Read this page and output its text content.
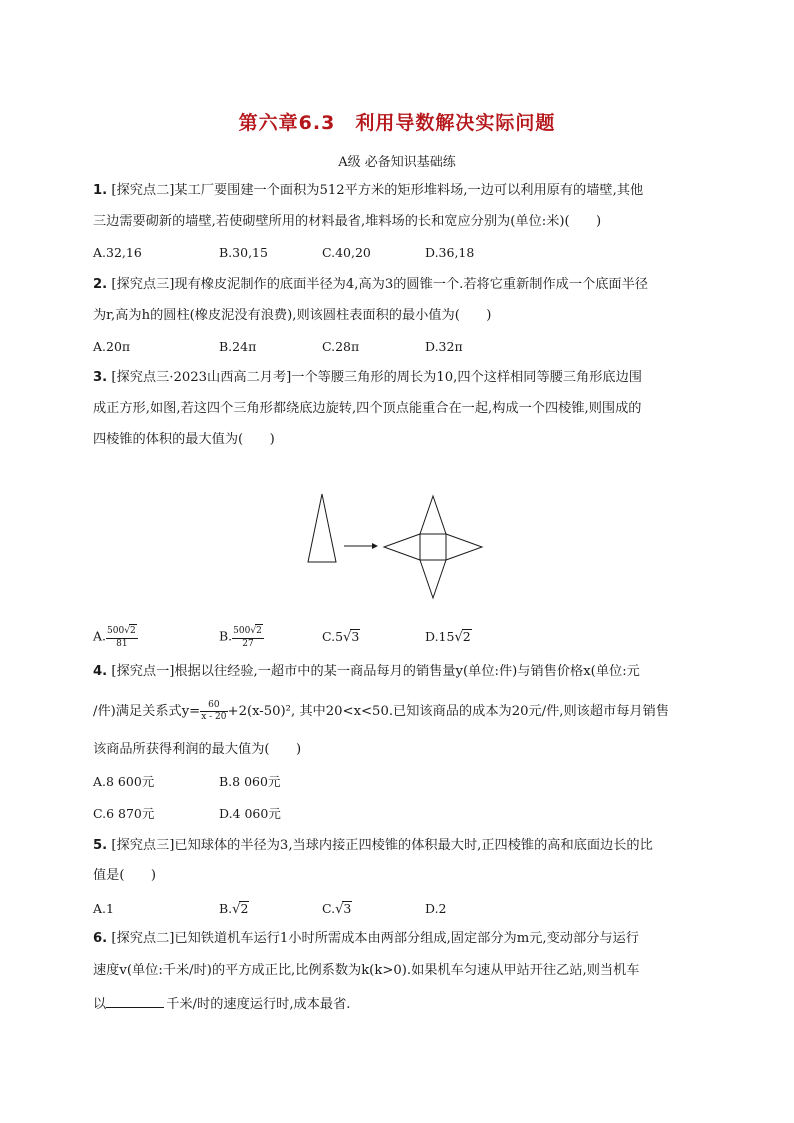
第六章6.3　利用导数解决实际问题
A级 必备知识基础练
1. [探究点二]某工厂要围建一个面积为512平方米的矩形堆料场,一边可以利用原有的墙壁,其他
三边需要砌新的墙壁,若使砌壁所用的材料最省,堆料场的长和宽应分别为(单位:米)(　　)
A.32,16	B.30,15	C.40,20	D.36,18
2. [探究点三]现有橡皮泥制作的底面半径为4,高为3的圆锥一个.若将它重新制作成一个底面半径
为r,高为h的圆柱(橡皮泥没有浪费),则该圆柱表面积的最小值为(　　)
A.20π	B.24π	C.28π	D.32π
3. [探究点三·2023山西高二月考]一个等腰三角形的周长为10,四个这样相同等腰三角形底边围
成正方形,如图,若这四个三角形都绕底边旋转,四个顶点能重合在一起,构成一个四棱锥,则围成的
四棱锥的体积的最大值为(　　)
A. $\frac{500√2}{81}$	B. $\frac{500√2}{27}$	C.5√3	D.15√2
4. [探究点一]根据以往经验,一超市中的某一商品每月的销售量y(单位:件)与销售价格x(单位:元
/件)满足关系式$y= \frac{60}{x - 20} +2(x-50)^2$, 其中20<x<50.已知该商品的成本为20元/件,则该超市每月销售
该商品所获得利润的最大值为(　　)
A.8 600元	B.8 060元
C.6 870元	D.4 060元
5. [探究点三]已知球体的半径为3,当球内接正四棱锥的体积最大时,正四棱锥的高和底面边长的比
值是(　　)
A.1	B.√2	C.√3	D.2
6. [探究点二]已知铁道机车运行1小时所需成本由两部分组成,固定部分为m元,变动部分与运行
速度v(单位:千米/时)的平方成正比,比例系数为k(k>0).如果机车匀速从甲站开往乙站,则当机车
以	千米/时的速度运行时,成本最省.
